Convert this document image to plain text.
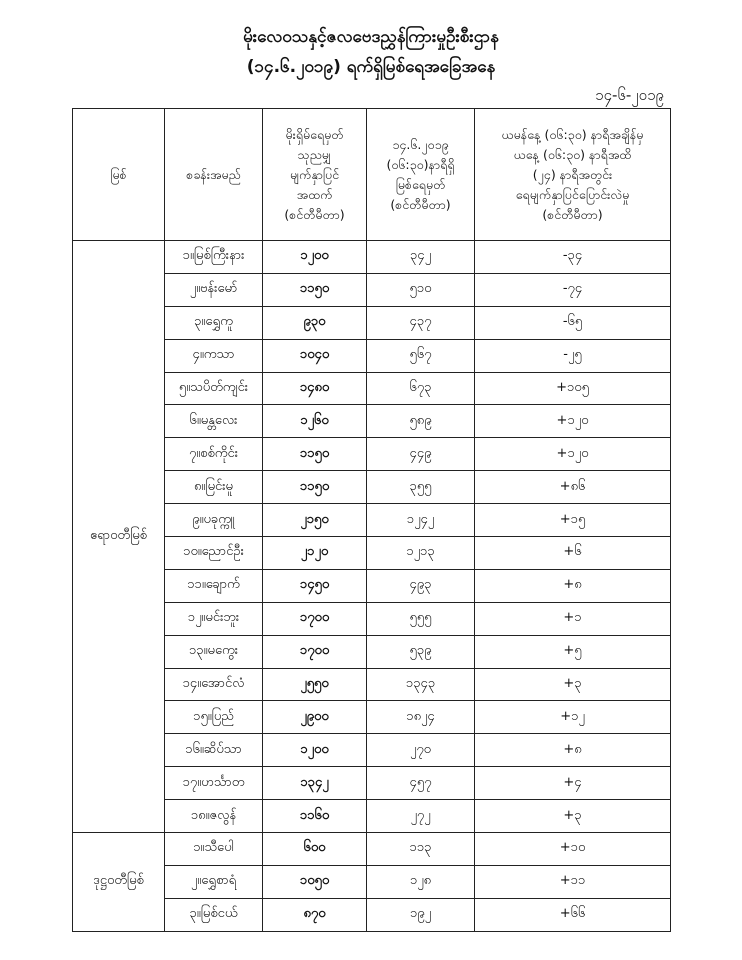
မိုးလေဝသနှင့်ဇလဗေဒညွှန်ကြားမှုဦးစီးဌာန
(၁၄.၆.၂၀၁၉) ရက်ရှိမြစ်ရေအခြေအနေ
၁၄-၆-၂၀၁၉
မြစ်	စခန်းအမည်	မိုးရှိမ်ရေမှတ်
သုညမျှ
မျက်နှာပြင်
အထက်
(စင်တီမီတာ)	၁၄.၆.၂၀၁၉
(၀၆:၃၀)နာရီရှိ
မြစ်ရေမှတ်
(စင်တီမီတာ)	ယမန်နေ့ (၀၆:၃၀) နာရီအချိန်မှ
ယနေ့ (၀၆:၃၀) နာရီအထိ
(၂၄) နာရီအတွင်း
ရေမျက်နှာပြင်ပြောင်းလဲမှု
(စင်တီမီတာ)

ဧရာဝတီမြစ်	၁။မြစ်ကြီးနား	၁၂၀၀	၃၄၂	-၃၄
	၂။ဗန်းမော်	၁၁၅၀	၅၁၀	-၇၄
	၃။ရွှေကူ	၉၃၀	၄၃၇	-၆၅
	၄။ကသာ	၁၀၄၀	၅၆၇	-၂၅
	၅။သပိတ်ကျင်း	၁၄၈၀	၆၇၃	+၁၀၅
	၆။မန္တလေး	၁၂၆၀	၅၈၉	+၁၂၀
	၇။စစ်ကိုင်း	၁၁၅၀	၄၄၉	+၁၂၀
	၈။မြင်းမူ	၁၁၅၀	၃၅၅	+၈၆
	၉။ပခုက္ကူ	၂၁၅၀	၁၂၄၂	+၁၅
	၁၀။ညောင်ဦး	၂၁၂၀	၁၂၁၃	+၆
	၁၁။ချောက်	၁၄၅၀	၄၉၃	+၈
	၁၂။မင်းဘူး	၁၇၀၀	၅၅၅	+၁
	၁၃။မကွေး	၁၇၀၀	၅၃၉	+၅
	၁၄။အောင်လံ	၂၅၅၀	၁၃၄၃	+၃
	၁၅။ပြည်	၂၉၀၀	၁၈၂၄	+၁၂
	၁၆။ဆိပ်သာ	၁၂၀၀	၂၇၀	+၈
	၁၇။ဟင်္သာတ	၁၃၄၂	၄၅၇	+၄
	၁၈။ဇလွန်	၁၁၆၀	၂၇၂	+၃
ဒုဋ္ဌဝတီမြစ်	၁။သီပေါ	၆၀၀	၁၁၃	+၁၀
	၂။ရွှေစာရံ	၁၀၅၀	၁၂၈	+၁၁
	၃။မြစ်ငယ်	၈၇၀	၁၉၂	+၆၆
